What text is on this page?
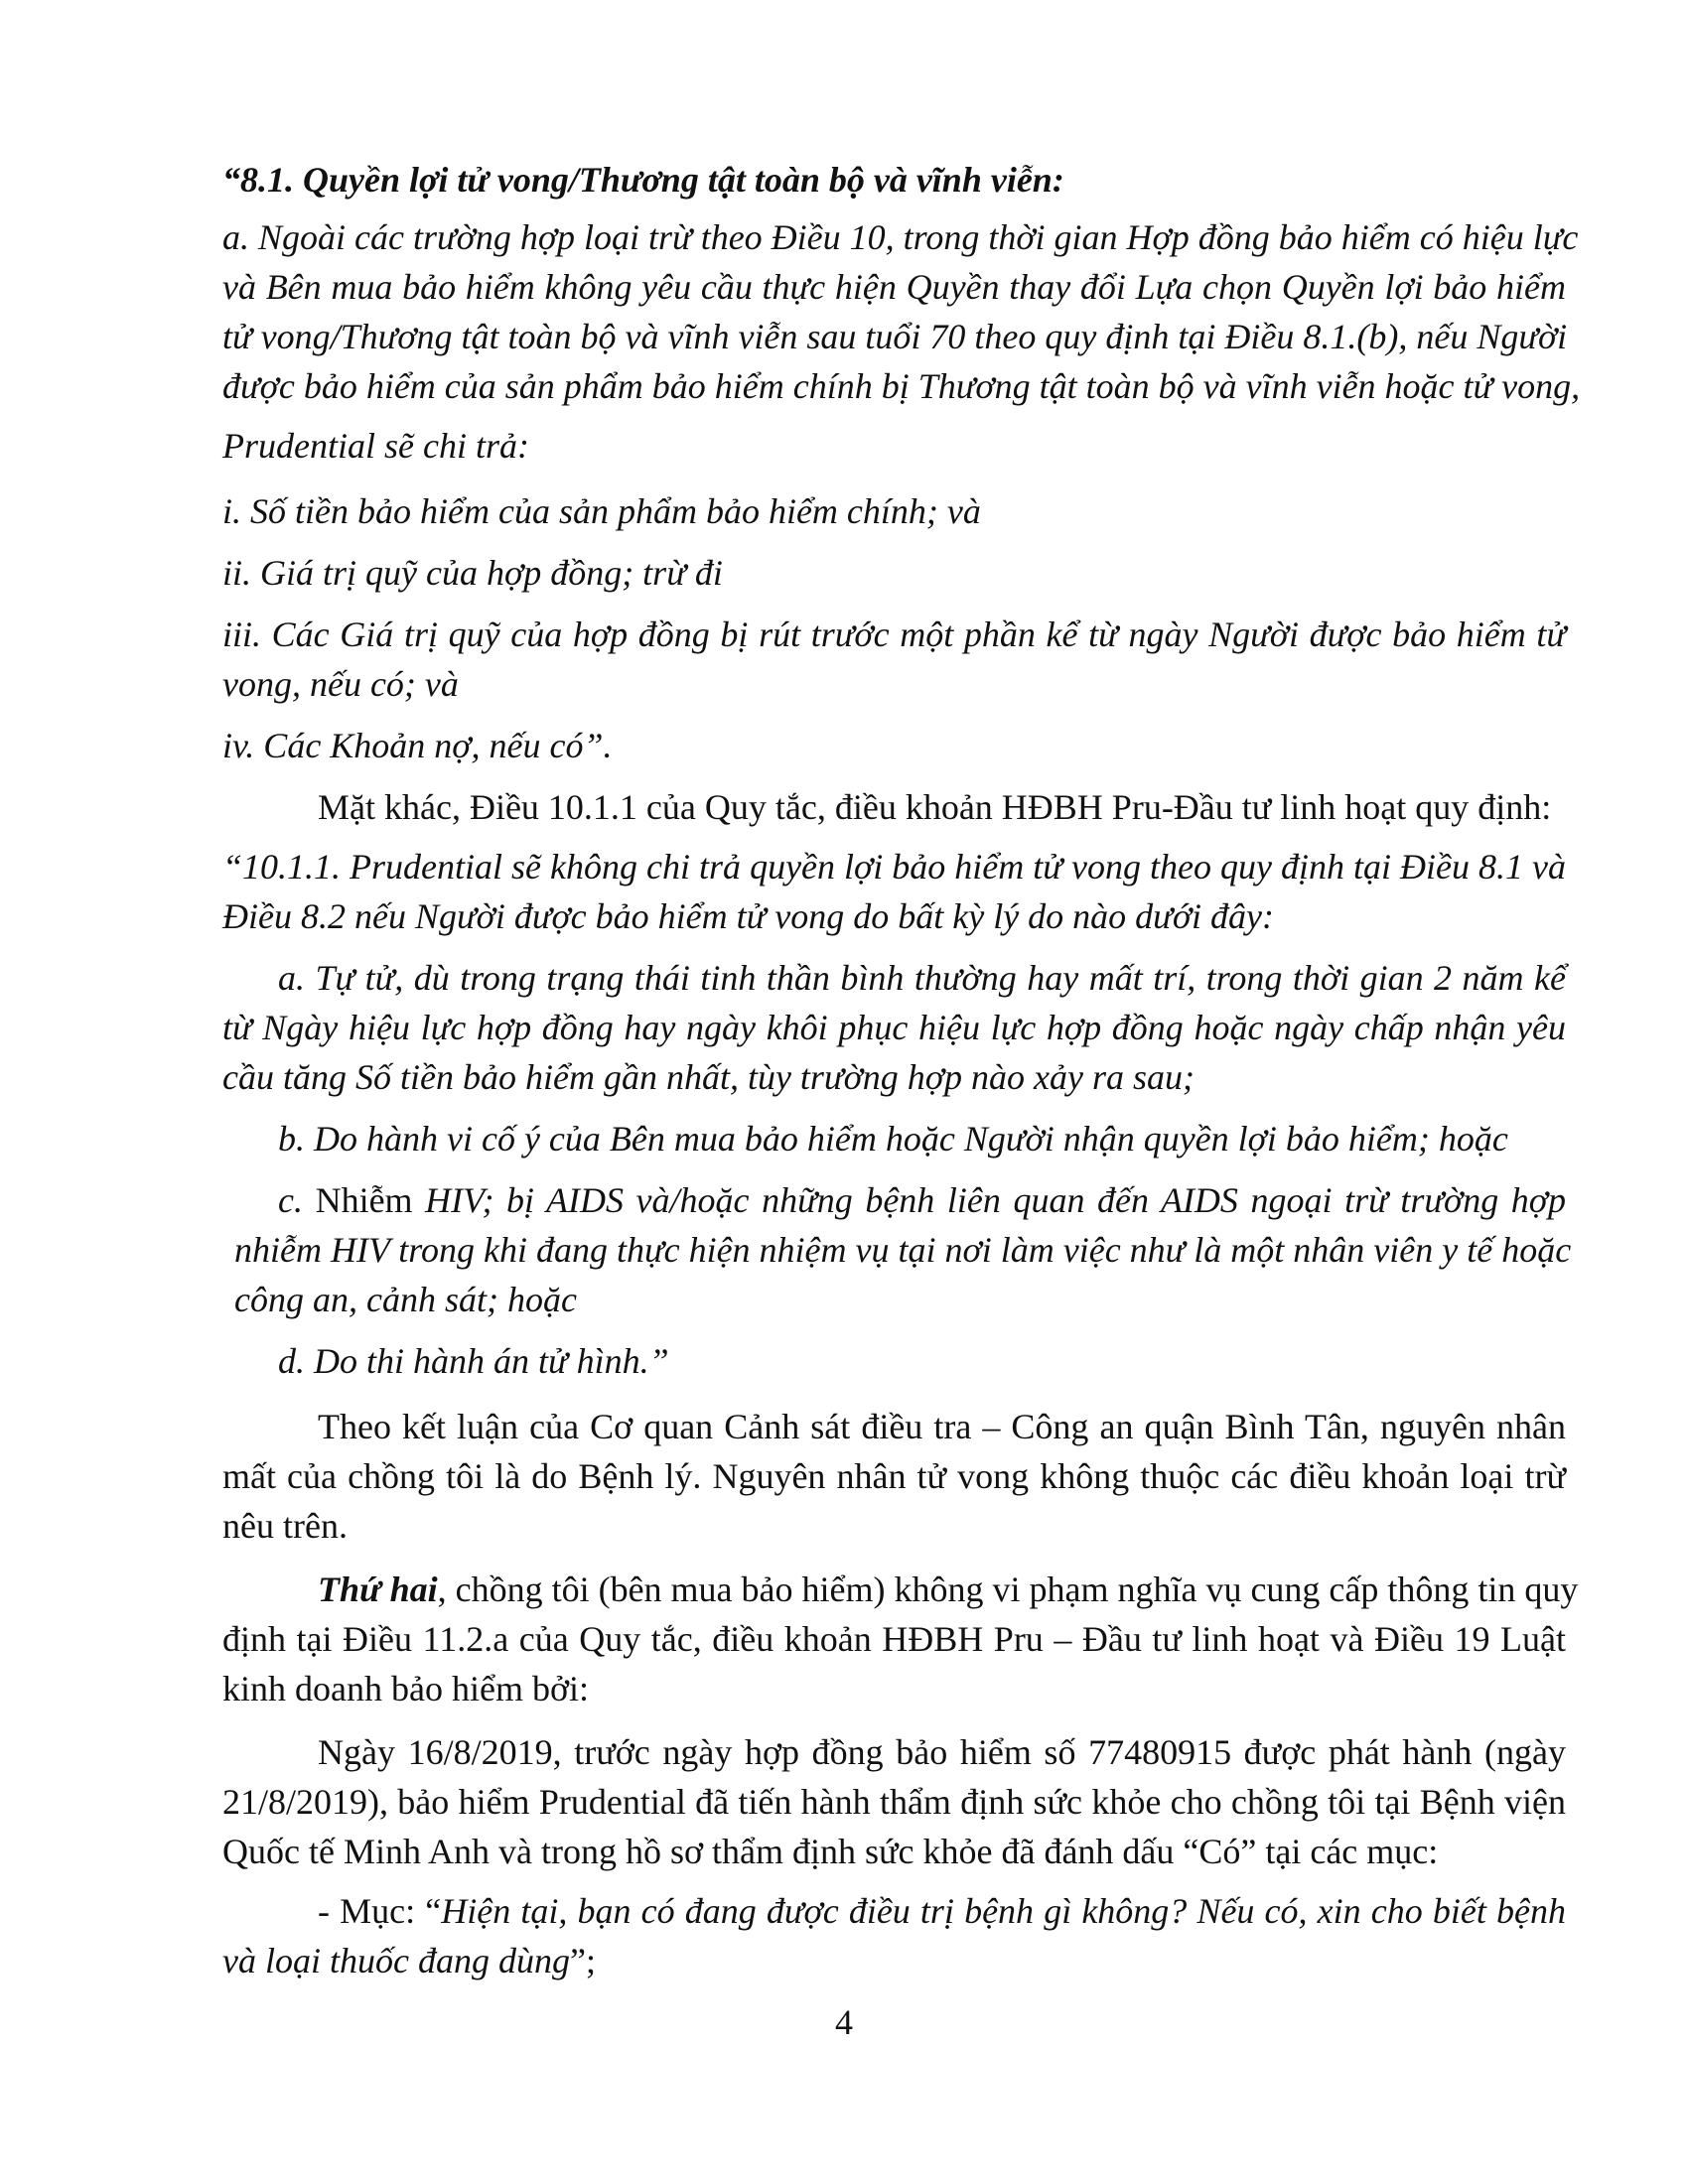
“8.1. Quyền lợi tử vong/Thương tật toàn bộ và vĩnh viễn:

a. Ngoài các trường hợp loại trừ theo Điều 10, trong thời gian Hợp đồng bảo hiểm có hiệu lực

và Bên mua bảo hiểm không yêu cầu thực hiện Quyền thay đổi Lựa chọn Quyền lợi bảo hiểm

tử vong/Thương tật toàn bộ và vĩnh viễn sau tuổi 70 theo quy định tại Điều 8.1.(b), nếu Người

được bảo hiểm của sản phẩm bảo hiểm chính bị Thương tật toàn bộ và vĩnh viễn hoặc tử vong,

Prudential sẽ chi trả:

i. Số tiền bảo hiểm của sản phẩm bảo hiểm chính; và

ii. Giá trị quỹ của hợp đồng; trừ đi

iii. Các Giá trị quỹ của hợp đồng bị rút trước một phần kể từ ngày Người được bảo hiểm tử

vong, nếu có; và

iv. Các Khoản nợ, nếu có”.

Mặt khác, Điều 10.1.1 của Quy tắc, điều khoản HĐBH Pru-Đầu tư linh hoạt quy định:

“10.1.1. Prudential sẽ không chi trả quyền lợi bảo hiểm tử vong theo quy định tại Điều 8.1 và

Điều 8.2 nếu Người được bảo hiểm tử vong do bất kỳ lý do nào dưới đây:

a. Tự tử, dù trong trạng thái tinh thần bình thường hay mất trí, trong thời gian 2 năm kể

từ Ngày hiệu lực hợp đồng hay ngày khôi phục hiệu lực hợp đồng hoặc ngày chấp nhận yêu

cầu tăng Số tiền bảo hiểm gần nhất, tùy trường hợp nào xảy ra sau;

b. Do hành vi cố ý của Bên mua bảo hiểm hoặc Người nhận quyền lợi bảo hiểm; hoặc

c. Nhiễm HIV; bị AIDS và/hoặc những bệnh liên quan đến AIDS ngoại trừ trường hợp

nhiễm HIV trong khi đang thực hiện nhiệm vụ tại nơi làm việc như là một nhân viên y tế hoặc

công an, cảnh sát; hoặc

d. Do thi hành án tử hình.”

Theo kết luận của Cơ quan Cảnh sát điều tra – Công an quận Bình Tân, nguyên nhân

mất của chồng tôi là do Bệnh lý. Nguyên nhân tử vong không thuộc các điều khoản loại trừ

nêu trên.

Thứ hai, chồng tôi (bên mua bảo hiểm) không vi phạm nghĩa vụ cung cấp thông tin quy

định tại Điều 11.2.a của Quy tắc, điều khoản HĐBH Pru – Đầu tư linh hoạt và Điều 19 Luật

kinh doanh bảo hiểm bởi:

Ngày 16/8/2019, trước ngày hợp đồng bảo hiểm số 77480915 được phát hành (ngày

21/8/2019), bảo hiểm Prudential đã tiến hành thẩm định sức khỏe cho chồng tôi tại Bệnh viện

Quốc tế Minh Anh và trong hồ sơ thẩm định sức khỏe đã đánh dấu “Có” tại các mục:

- Mục: “Hiện tại, bạn có đang được điều trị bệnh gì không? Nếu có, xin cho biết bệnh

và loại thuốc đang dùng”;

4
